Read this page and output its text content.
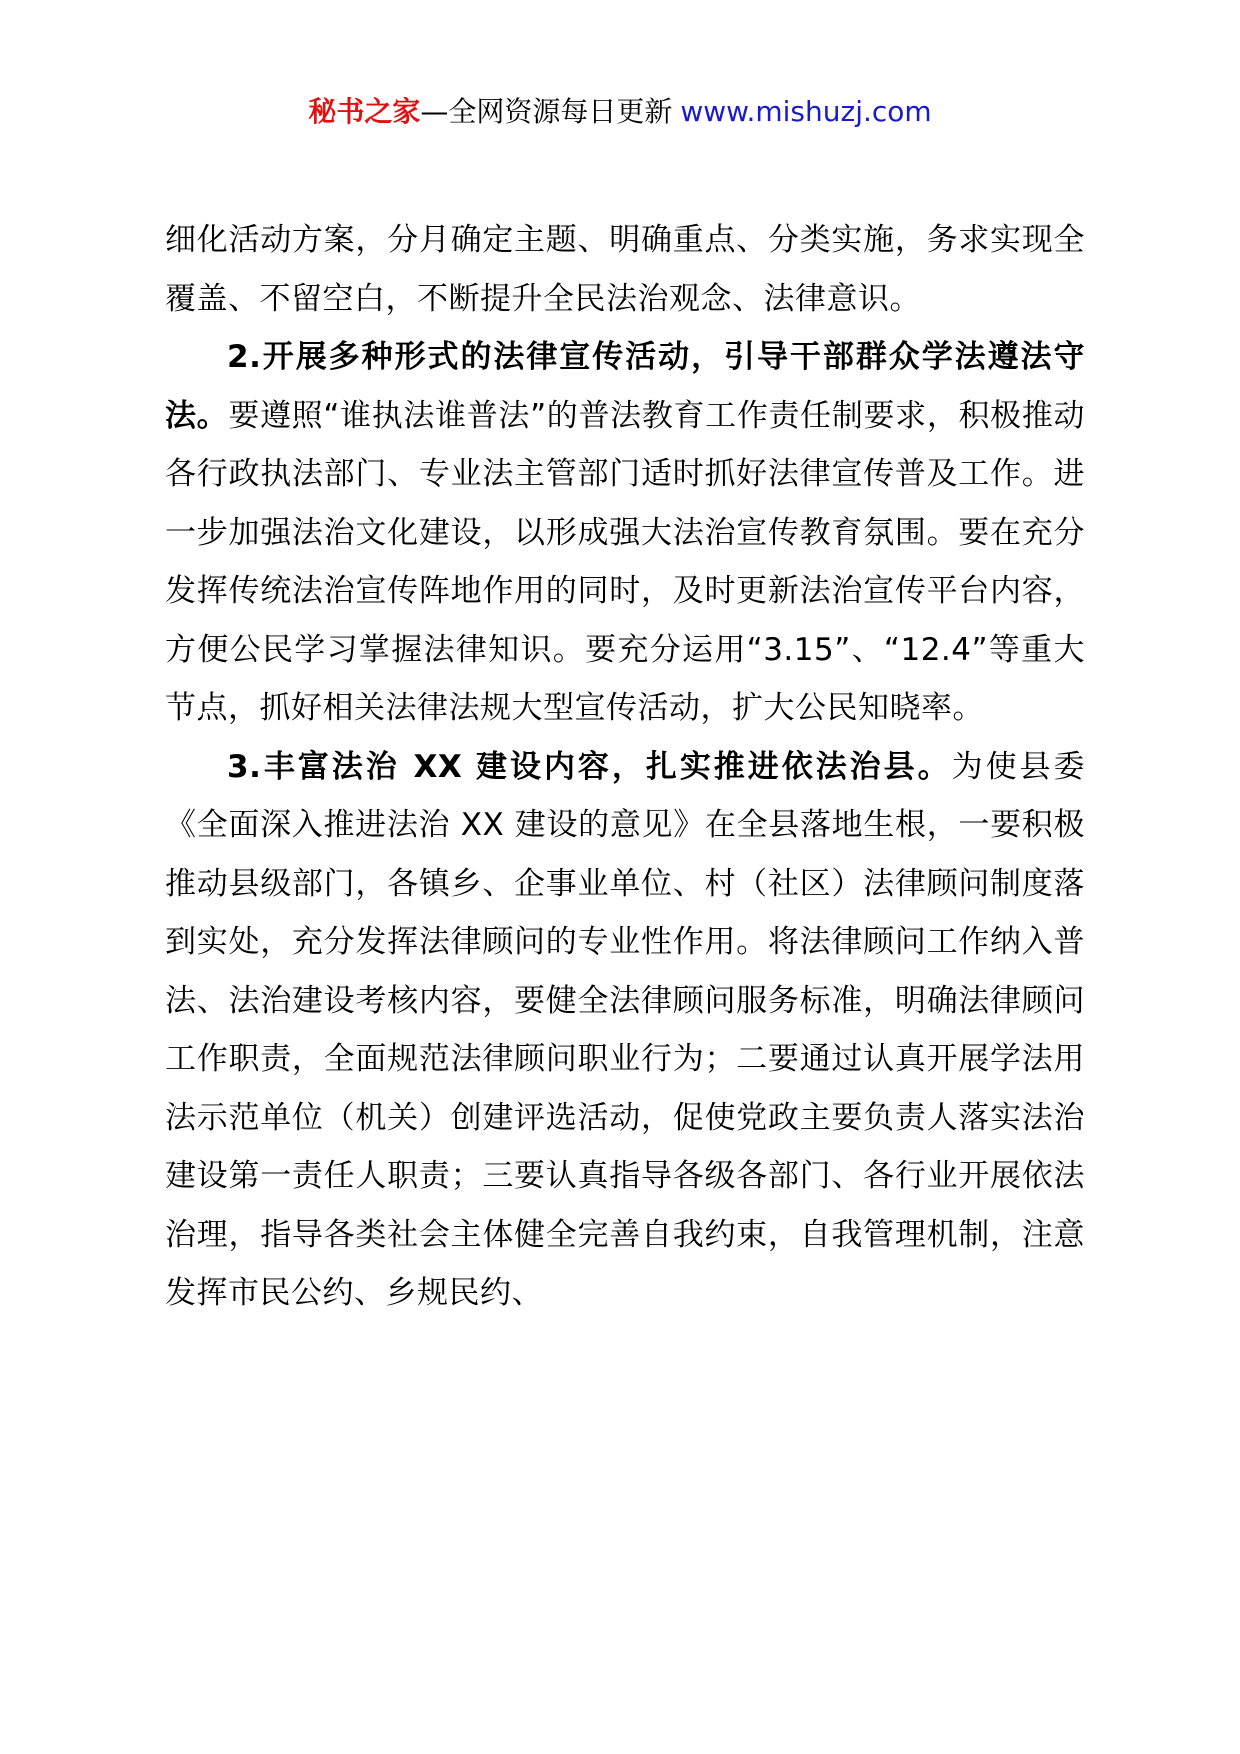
秘书之家—全网资源每日更新 www.mishuzj.com

细化活动方案，分月确定主题、明确重点、分类实施，务求实现全覆盖、不留空白，不断提升全民法治观念、法律意识。

2.开展多种形式的法律宣传活动，引导干部群众学法遵法守法。要遵照“谁执法谁普法”的普法教育工作责任制要求，积极推动各行政执法部门、专业法主管部门适时抓好法律宣传普及工作。进一步加强法治文化建设，以形成强大法治宣传教育氛围。要在充分发挥传统法治宣传阵地作用的同时，及时更新法治宣传平台内容，方便公民学习掌握法律知识。要充分运用“3.15”、“12.4”等重大节点，抓好相关法律法规大型宣传活动，扩大公民知晓率。

3.丰富法治 XX 建设内容，扎实推进依法治县。为使县委《全面深入推进法治 XX 建设的意见》在全县落地生根，一要积极推动县级部门，各镇乡、企事业单位、村（社区）法律顾问制度落到实处，充分发挥法律顾问的专业性作用。将法律顾问工作纳入普法、法治建设考核内容，要健全法律顾问服务标准，明确法律顾问工作职责，全面规范法律顾问职业行为；二要通过认真开展学法用法示范单位（机关）创建评选活动，促使党政主要负责人落实法治建设第一责任人职责；三要认真指导各级各部门、各行业开展依法治理，指导各类社会主体健全完善自我约束，自我管理机制，注意发挥市民公约、乡规民约、
